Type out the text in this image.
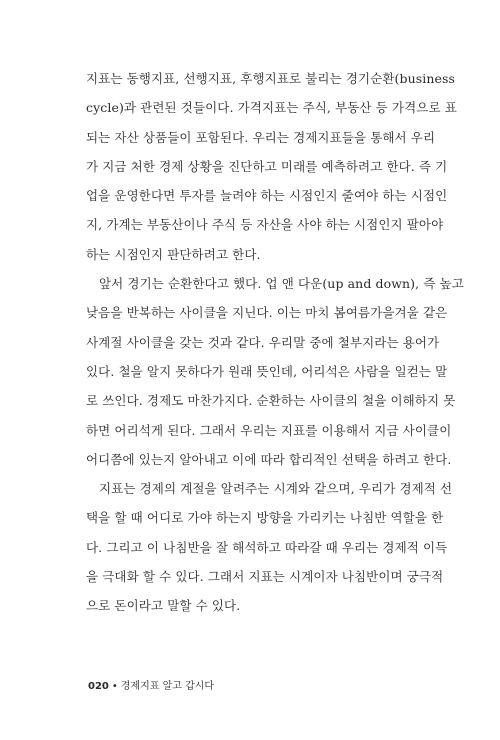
지표는 동행지표, 선행지표, 후행지표로 불리는 경기순환(business
cycle)과 관련된 것들이다. 가격지표는 주식, 부동산 등 가격으로 표
되는 자산 상품들이 포함된다. 우리는 경제지표들을 통해서 우리
가 지금 처한 경제 상황을 진단하고 미래를 예측하려고 한다. 즉 기
업을 운영한다면 투자를 늘려야 하는 시점인지 줄여야 하는 시점인
지, 가계는 부동산이나 주식 등 자산을 사야 하는 시점인지 팔아야
하는 시점인지 판단하려고 한다.
앞서 경기는 순환한다고 했다. 업 앤 다운(up and down), 즉 높고
낮음을 반복하는 사이클을 지닌다. 이는 마치 봄여름가을겨울 같은
사계절 사이클을 갖는 것과 같다. 우리말 중에 철부지라는 용어가
있다. 철을 알지 못하다가 원래 뜻인데, 어리석은 사람을 일컫는 말
로 쓰인다. 경제도 마찬가지다. 순환하는 사이클의 철을 이해하지 못
하면 어리석게 된다. 그래서 우리는 지표를 이용해서 지금 사이클이
어디쯤에 있는지 알아내고 이에 따라 합리적인 선택을 하려고 한다.
지표는 경제의 계절을 알려주는 시계와 같으며, 우리가 경제적 선
택을 할 때 어디로 가야 하는지 방향을 가리키는 나침반 역할을 한
다. 그리고 이 나침반을 잘 해석하고 따라갈 때 우리는 경제적 이득
을 극대화 할 수 있다. 그래서 지표는 시계이자 나침반이며 궁극적
으로 돈이라고 말할 수 있다.
020 • 경제지표 알고 갑시다
